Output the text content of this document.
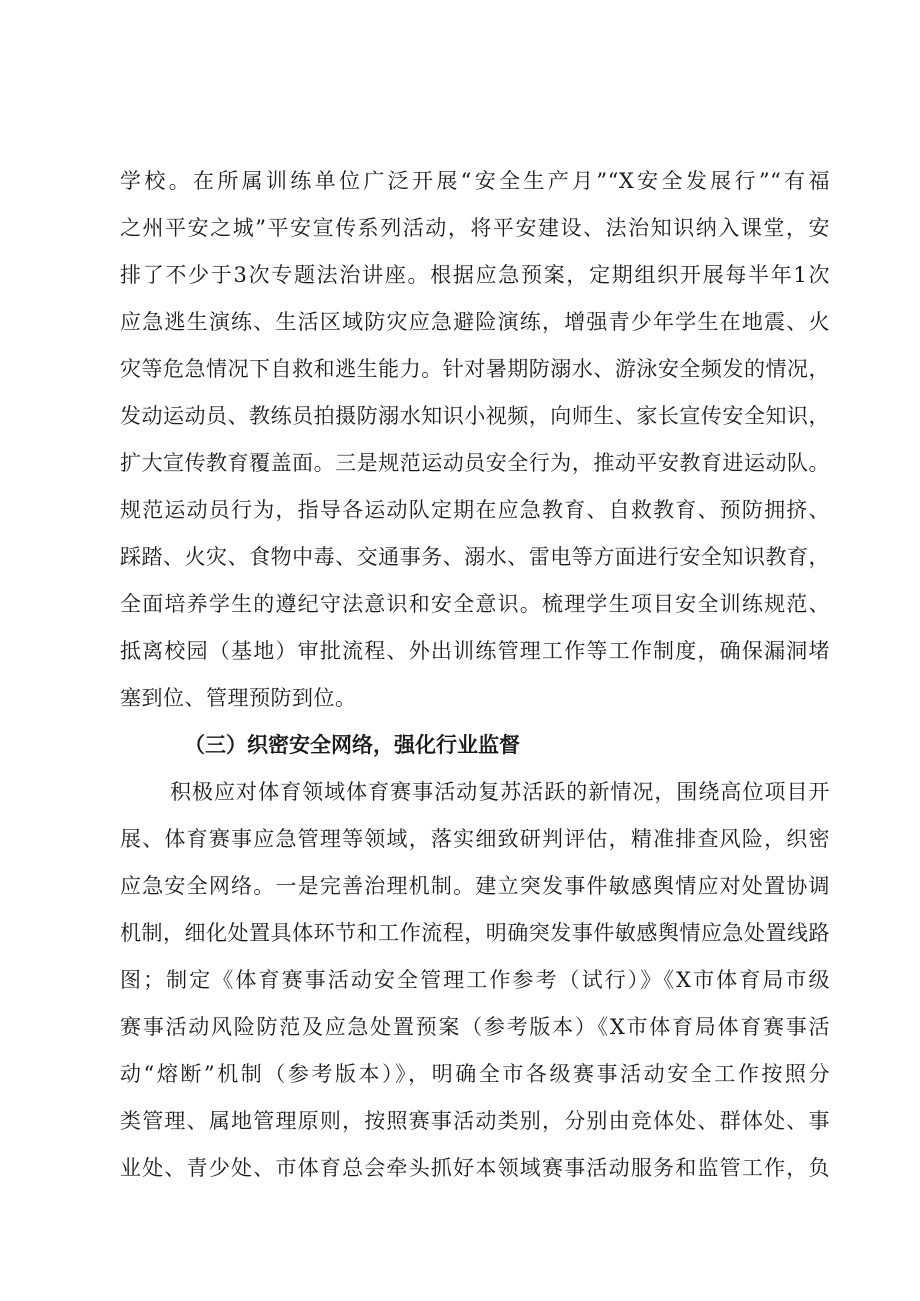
学校。在所属训练单位广泛开展“安全生产月”“X安全发展行”“有福
之州平安之城”平安宣传系列活动，将平安建设、法治知识纳入课堂，安
排了不少于3次专题法治讲座。根据应急预案，定期组织开展每半年1次
应急逃生演练、生活区域防灾应急避险演练，增强青少年学生在地震、火
灾等危急情况下自救和逃生能力。针对暑期防溺水、游泳安全频发的情况，
发动运动员、教练员拍摄防溺水知识小视频，向师生、家长宣传安全知识，
扩大宣传教育覆盖面。三是规范运动员安全行为，推动平安教育进运动队。
规范运动员行为，指导各运动队定期在应急教育、自救教育、预防拥挤、
踩踏、火灾、食物中毒、交通事务、溺水、雷电等方面进行安全知识教育，
全面培养学生的遵纪守法意识和安全意识。梳理学生项目安全训练规范、
抵离校园（基地）审批流程、外出训练管理工作等工作制度，确保漏洞堵
塞到位、管理预防到位。
（三）织密安全网络，强化行业监督
积极应对体育领域体育赛事活动复苏活跃的新情况，围绕高位项目开
展、体育赛事应急管理等领域，落实细致研判评估，精准排查风险，织密
应急安全网络。一是完善治理机制。建立突发事件敏感舆情应对处置协调
机制，细化处置具体环节和工作流程，明确突发事件敏感舆情应急处置线路
图；制定《体育赛事活动安全管理工作参考（试行）》《X市体育局市级
赛事活动风险防范及应急处置预案（参考版本）《X市体育局体育赛事活
动“熔断”机制（参考版本）》，明确全市各级赛事活动安全工作按照分
类管理、属地管理原则，按照赛事活动类别，分别由竞体处、群体处、事
业处、青少处、市体育总会牵头抓好本领域赛事活动服务和监管工作，负
